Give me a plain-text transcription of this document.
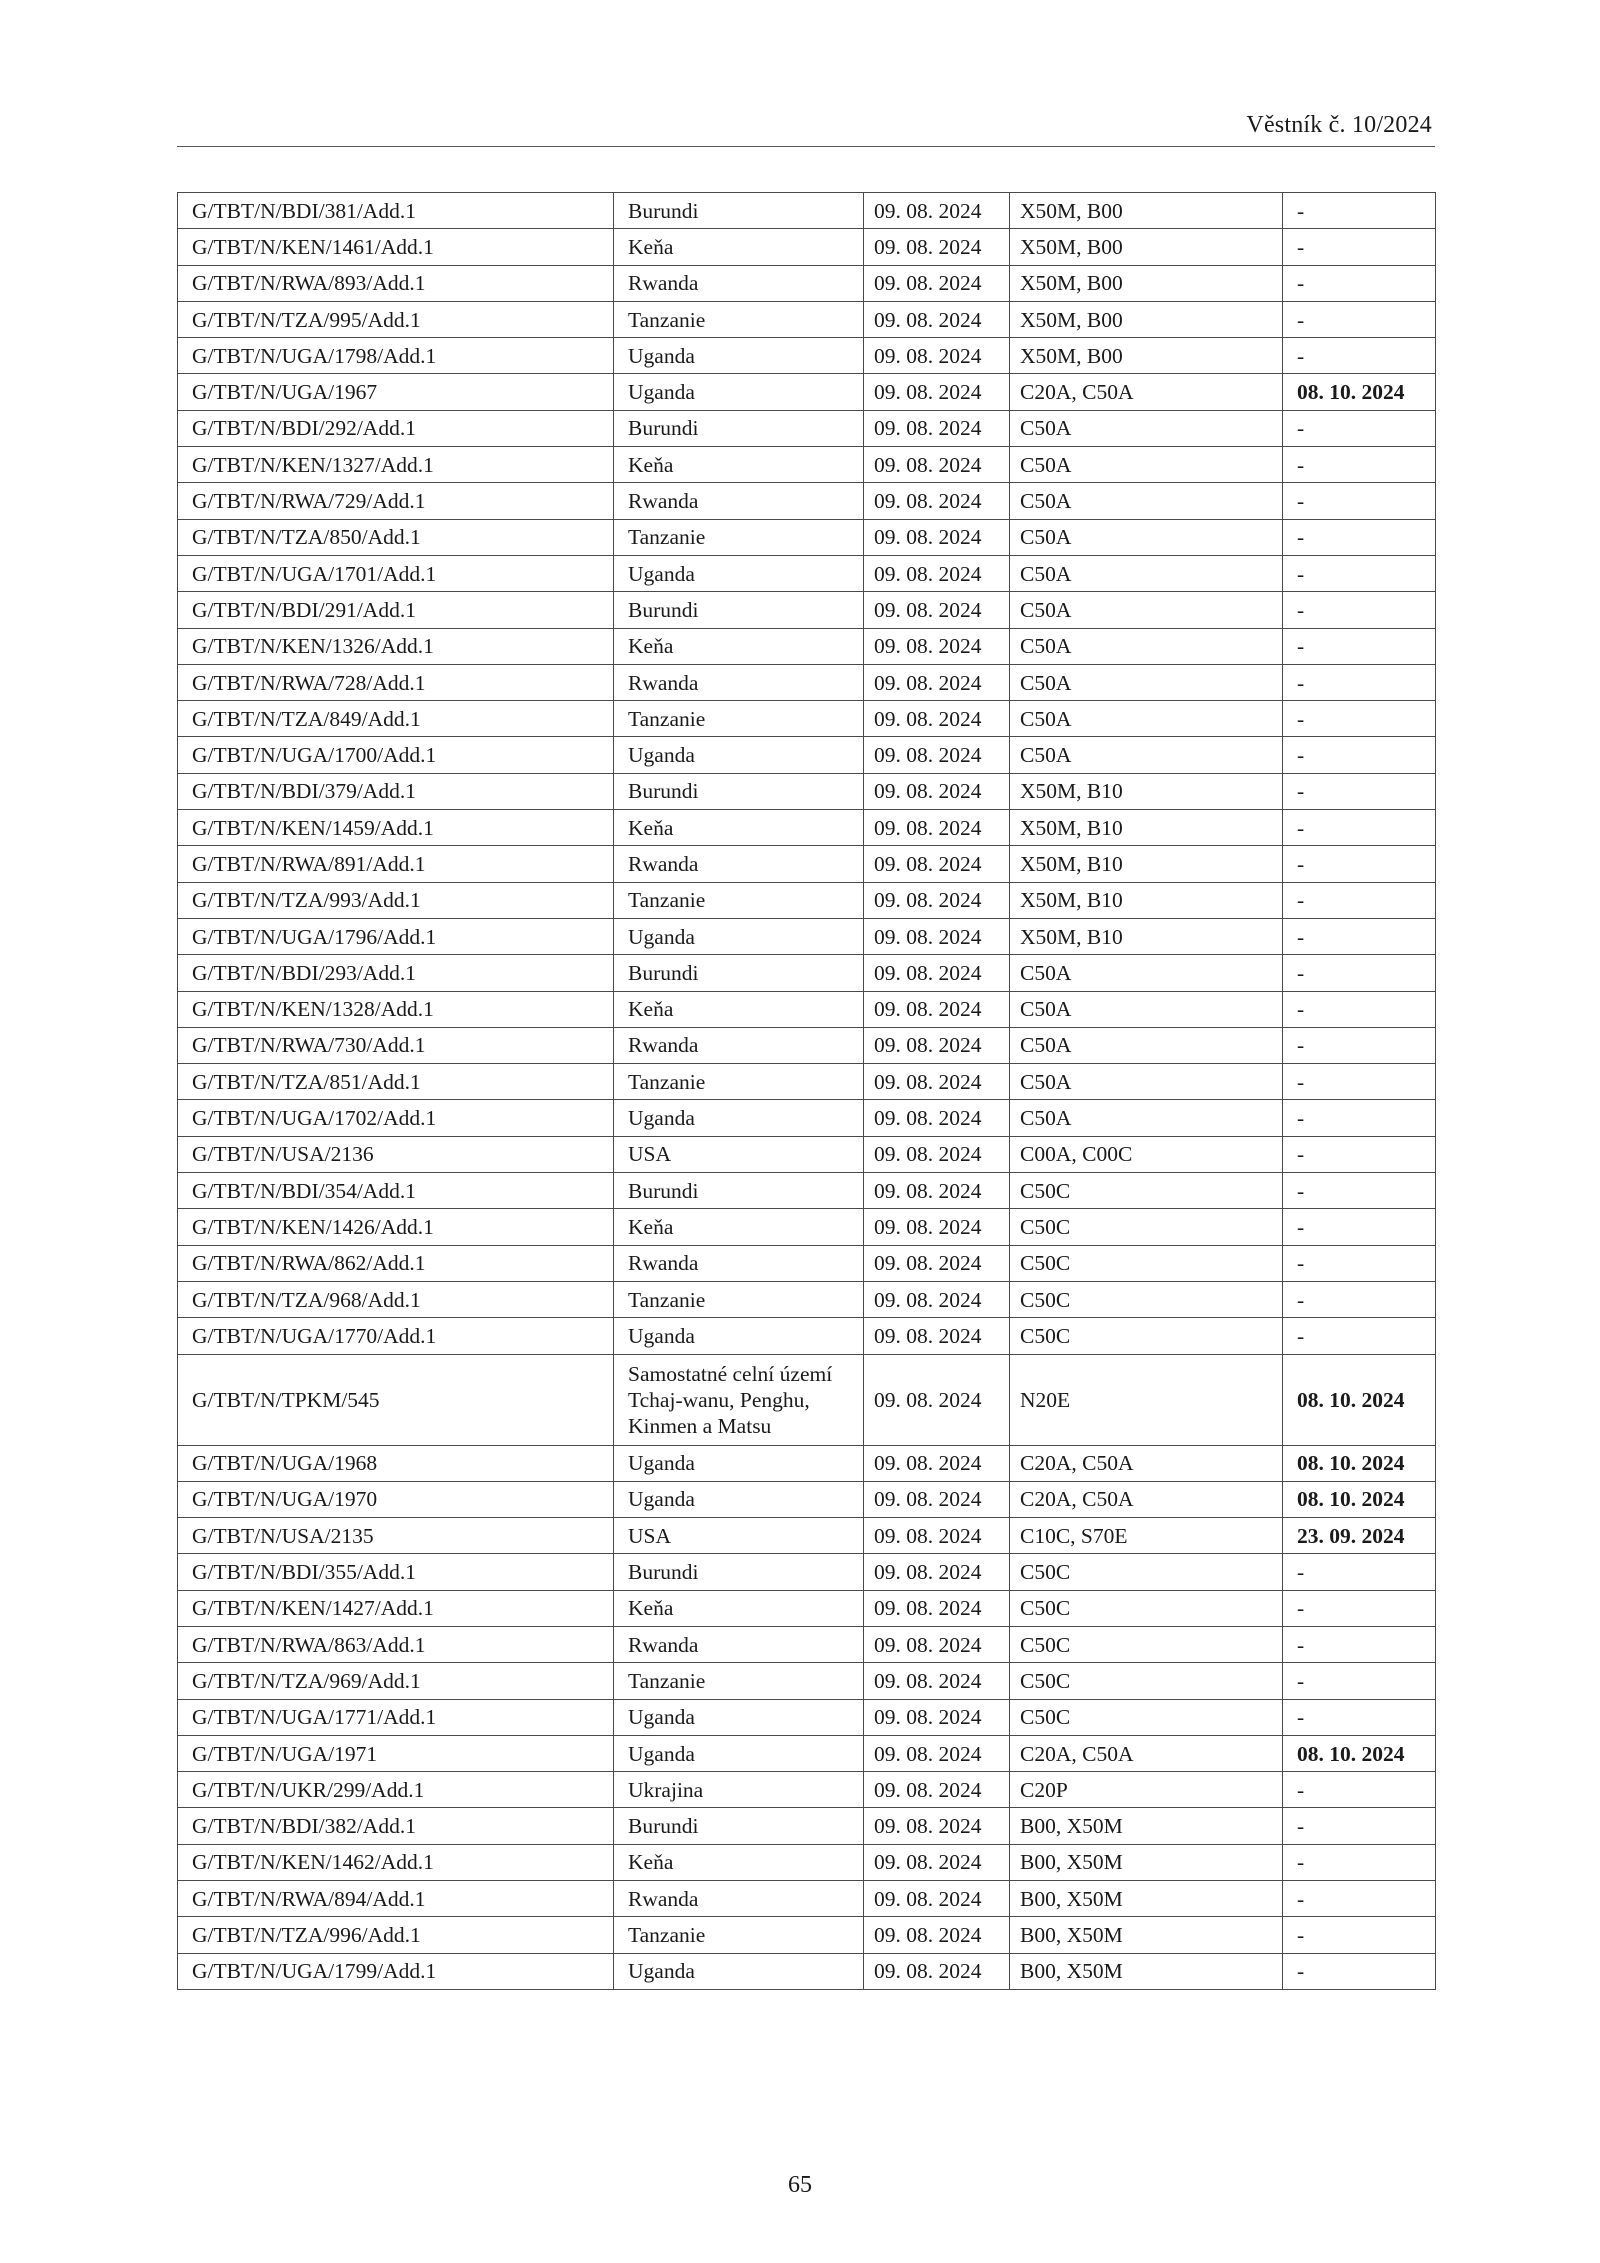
Věstník č. 10/2024
G/TBT/N/BDI/381/Add.1	Burundi	09. 08. 2024	X50M, B00	-
G/TBT/N/KEN/1461/Add.1	Keňa	09. 08. 2024	X50M, B00	-
G/TBT/N/RWA/893/Add.1	Rwanda	09. 08. 2024	X50M, B00	-
G/TBT/N/TZA/995/Add.1	Tanzanie	09. 08. 2024	X50M, B00	-
G/TBT/N/UGA/1798/Add.1	Uganda	09. 08. 2024	X50M, B00	-
G/TBT/N/UGA/1967	Uganda	09. 08. 2024	C20A, C50A	08. 10. 2024
G/TBT/N/BDI/292/Add.1	Burundi	09. 08. 2024	C50A	-
G/TBT/N/KEN/1327/Add.1	Keňa	09. 08. 2024	C50A	-
G/TBT/N/RWA/729/Add.1	Rwanda	09. 08. 2024	C50A	-
G/TBT/N/TZA/850/Add.1	Tanzanie	09. 08. 2024	C50A	-
G/TBT/N/UGA/1701/Add.1	Uganda	09. 08. 2024	C50A	-
G/TBT/N/BDI/291/Add.1	Burundi	09. 08. 2024	C50A	-
G/TBT/N/KEN/1326/Add.1	Keňa	09. 08. 2024	C50A	-
G/TBT/N/RWA/728/Add.1	Rwanda	09. 08. 2024	C50A	-
G/TBT/N/TZA/849/Add.1	Tanzanie	09. 08. 2024	C50A	-
G/TBT/N/UGA/1700/Add.1	Uganda	09. 08. 2024	C50A	-
G/TBT/N/BDI/379/Add.1	Burundi	09. 08. 2024	X50M, B10	-
G/TBT/N/KEN/1459/Add.1	Keňa	09. 08. 2024	X50M, B10	-
G/TBT/N/RWA/891/Add.1	Rwanda	09. 08. 2024	X50M, B10	-
G/TBT/N/TZA/993/Add.1	Tanzanie	09. 08. 2024	X50M, B10	-
G/TBT/N/UGA/1796/Add.1	Uganda	09. 08. 2024	X50M, B10	-
G/TBT/N/BDI/293/Add.1	Burundi	09. 08. 2024	C50A	-
G/TBT/N/KEN/1328/Add.1	Keňa	09. 08. 2024	C50A	-
G/TBT/N/RWA/730/Add.1	Rwanda	09. 08. 2024	C50A	-
G/TBT/N/TZA/851/Add.1	Tanzanie	09. 08. 2024	C50A	-
G/TBT/N/UGA/1702/Add.1	Uganda	09. 08. 2024	C50A	-
G/TBT/N/USA/2136	USA	09. 08. 2024	C00A, C00C	-
G/TBT/N/BDI/354/Add.1	Burundi	09. 08. 2024	C50C	-
G/TBT/N/KEN/1426/Add.1	Keňa	09. 08. 2024	C50C	-
G/TBT/N/RWA/862/Add.1	Rwanda	09. 08. 2024	C50C	-
G/TBT/N/TZA/968/Add.1	Tanzanie	09. 08. 2024	C50C	-
G/TBT/N/UGA/1770/Add.1	Uganda	09. 08. 2024	C50C	-
G/TBT/N/TPKM/545	Samostatné celní území Tchaj-wanu, Penghu, Kinmen a Matsu	09. 08. 2024	N20E	08. 10. 2024
G/TBT/N/UGA/1968	Uganda	09. 08. 2024	C20A, C50A	08. 10. 2024
G/TBT/N/UGA/1970	Uganda	09. 08. 2024	C20A, C50A	08. 10. 2024
G/TBT/N/USA/2135	USA	09. 08. 2024	C10C, S70E	23. 09. 2024
G/TBT/N/BDI/355/Add.1	Burundi	09. 08. 2024	C50C	-
G/TBT/N/KEN/1427/Add.1	Keňa	09. 08. 2024	C50C	-
G/TBT/N/RWA/863/Add.1	Rwanda	09. 08. 2024	C50C	-
G/TBT/N/TZA/969/Add.1	Tanzanie	09. 08. 2024	C50C	-
G/TBT/N/UGA/1771/Add.1	Uganda	09. 08. 2024	C50C	-
G/TBT/N/UGA/1971	Uganda	09. 08. 2024	C20A, C50A	08. 10. 2024
G/TBT/N/UKR/299/Add.1	Ukrajina	09. 08. 2024	C20P	-
G/TBT/N/BDI/382/Add.1	Burundi	09. 08. 2024	B00, X50M	-
G/TBT/N/KEN/1462/Add.1	Keňa	09. 08. 2024	B00, X50M	-
G/TBT/N/RWA/894/Add.1	Rwanda	09. 08. 2024	B00, X50M	-
G/TBT/N/TZA/996/Add.1	Tanzanie	09. 08. 2024	B00, X50M	-
G/TBT/N/UGA/1799/Add.1	Uganda	09. 08. 2024	B00, X50M	-
65
